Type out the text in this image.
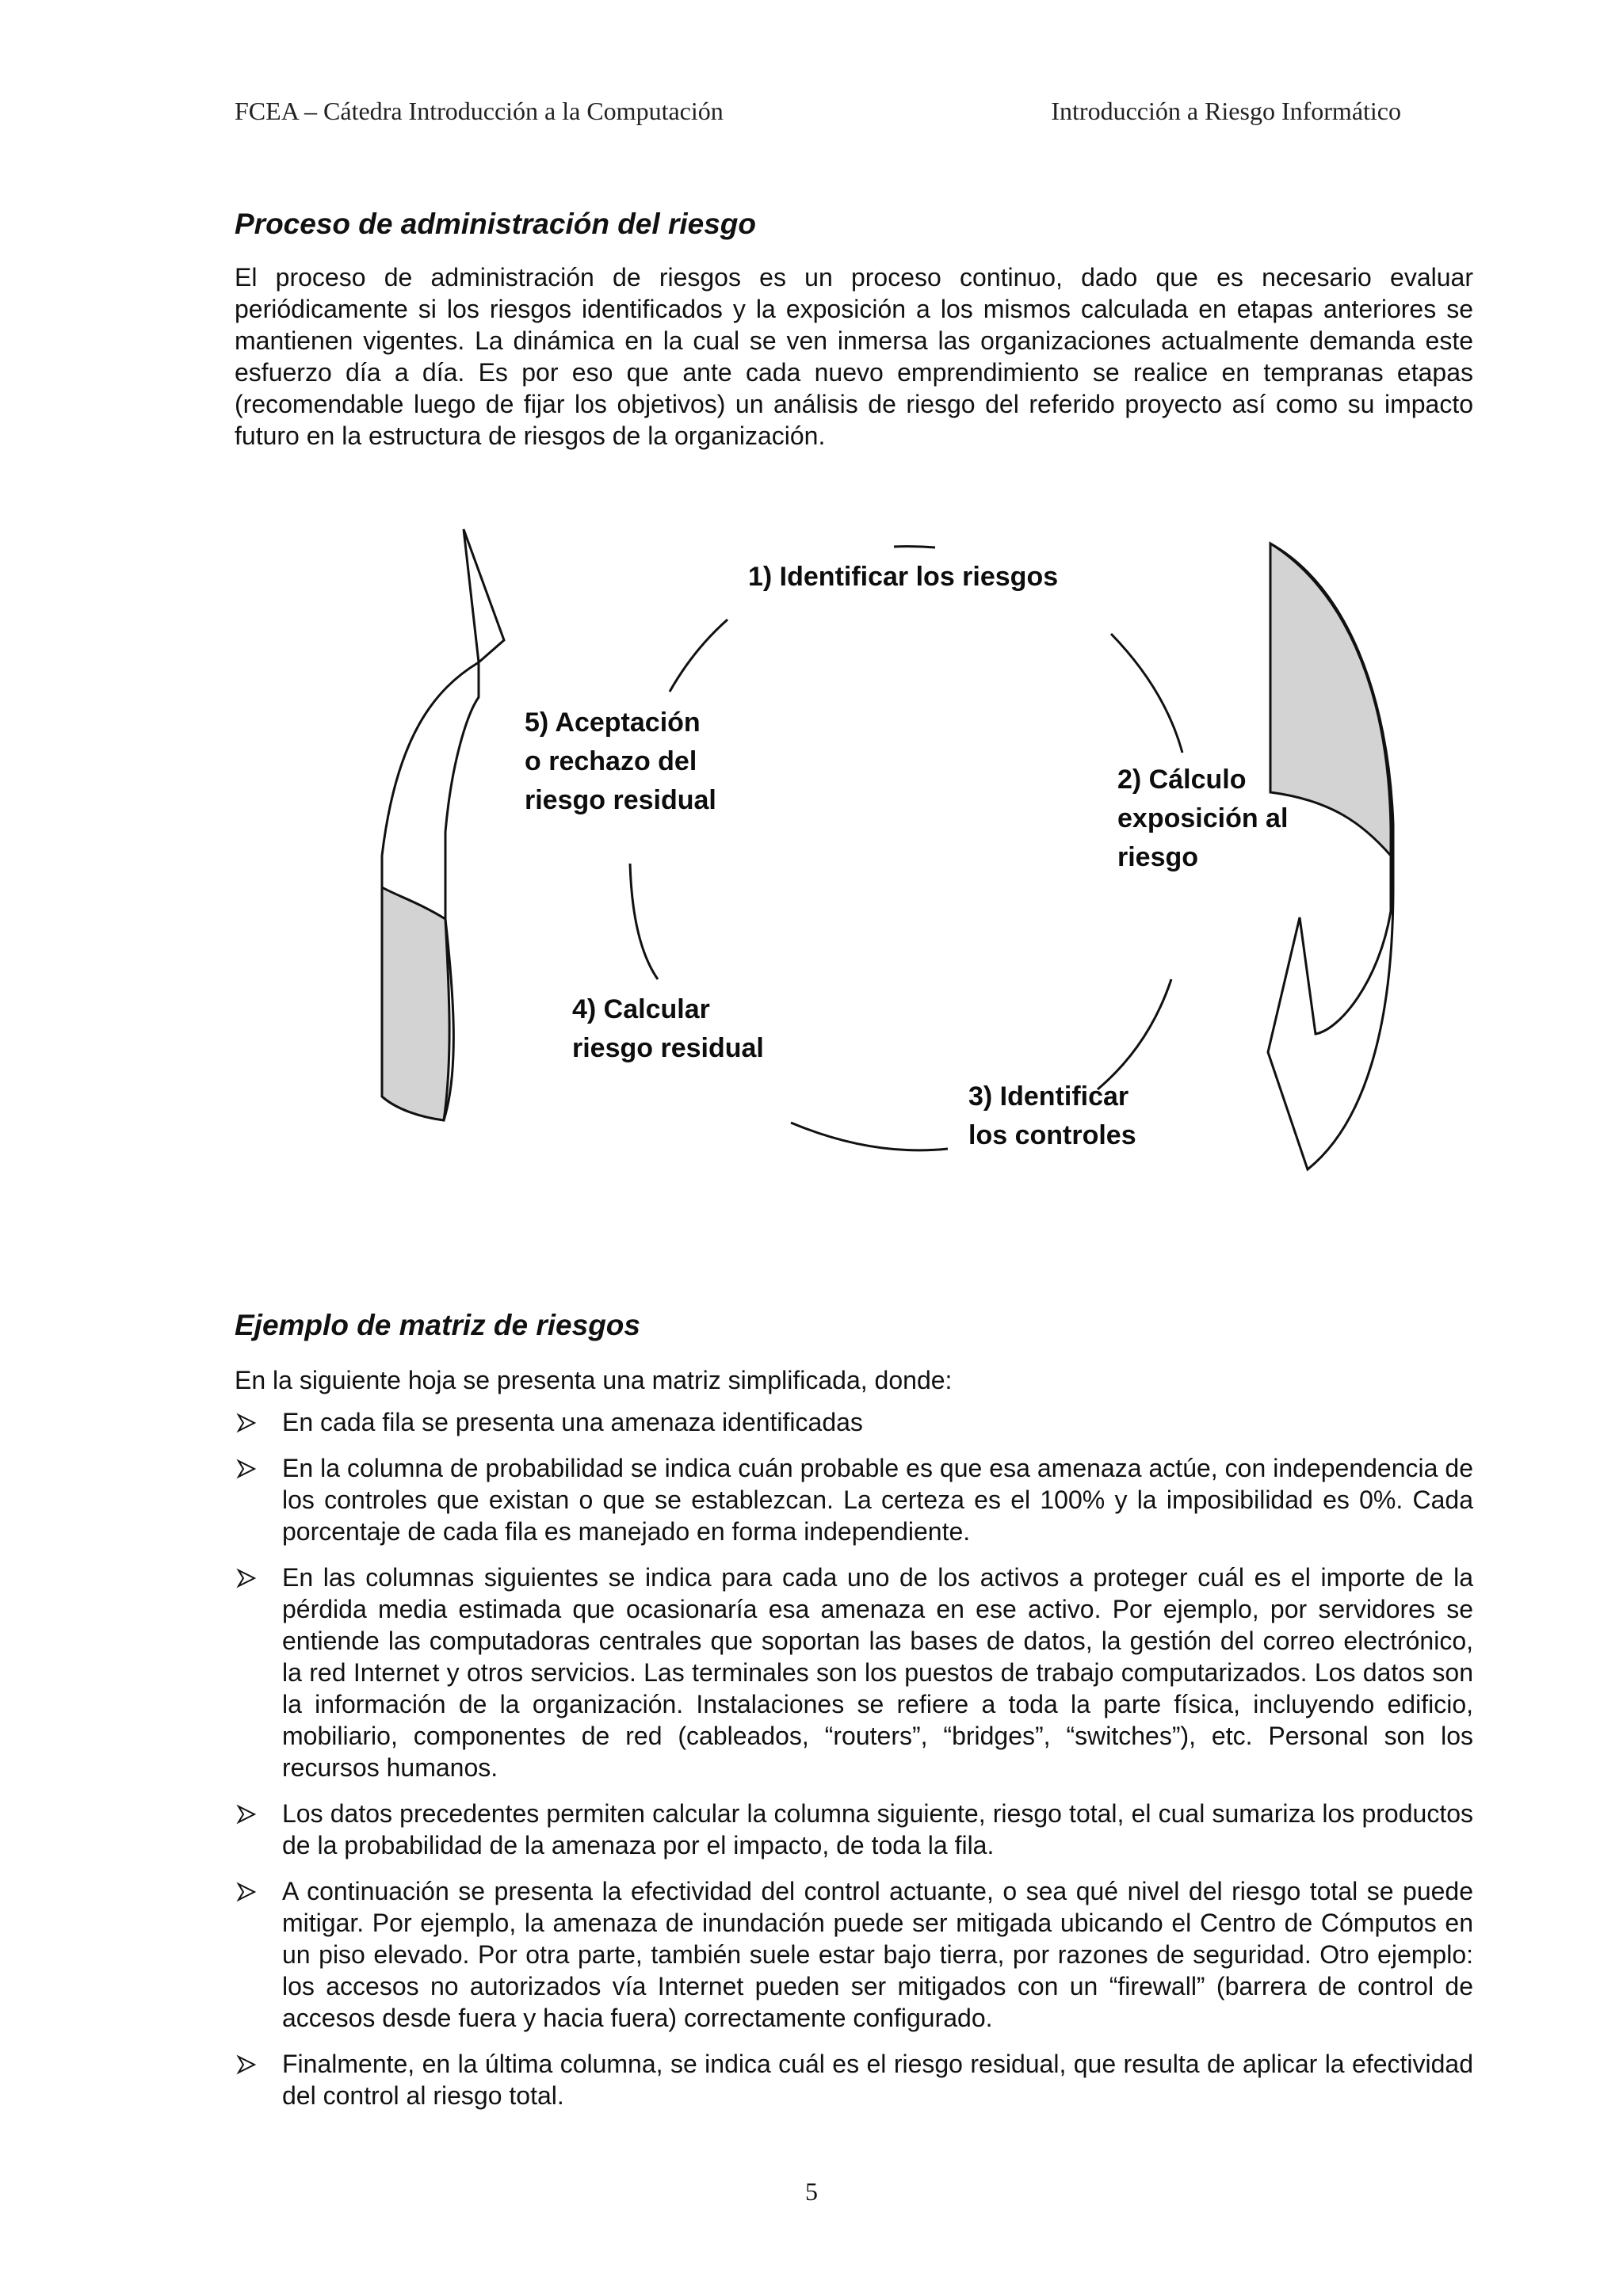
FCEA – Cátedra Introducción a la Computación	Introducción a Riesgo Informático
Proceso de administración del riesgo

El proceso de administración de riesgos es un proceso continuo, dado que es necesario evaluar periódicamente si los riesgos identificados y la exposición a los mismos calculada en etapas anteriores se mantienen vigentes. La dinámica en la cual se ven inmersa las organizaciones actualmente demanda este esfuerzo día a día. Es por eso que ante cada nuevo emprendimiento se realice en tempranas etapas (recomendable luego de fijar los objetivos) un análisis de riesgo del referido proyecto así como su impacto futuro en la estructura de riesgos de la organización.

1) Identificar los riesgos
2) Cálculo
exposición al
riesgo
3) Identificar
los controles
4) Calcular
riesgo residual
5) Aceptación
o rechazo del
riesgo residual
Ejemplo de matriz de riesgos
En la siguiente hoja se presenta una matriz simplificada, donde:

En cada fila se presenta una amenaza identificadas

En la columna de probabilidad se indica cuán probable es que esa amenaza actúe, con independencia de los controles que existan o que se establezcan. La certeza es el 100% y la imposibilidad es 0%. Cada porcentaje de cada fila es manejado en forma independiente.

En las columnas siguientes se indica para cada uno de los activos a proteger cuál es el importe de la pérdida media estimada que ocasionaría esa amenaza en ese activo. Por ejemplo, por servidores se entiende las computadoras centrales que soportan las bases de datos, la gestión del correo electrónico, la red Internet y otros servicios. Las terminales son los puestos de trabajo computarizados. Los datos son la información de la organización. Instalaciones se refiere a toda la parte física, incluyendo edificio, mobiliario, componentes de red (cableados, “routers”, “bridges”, “switches”), etc. Personal son los recursos humanos.

Los datos precedentes permiten calcular la columna siguiente, riesgo total, el cual sumariza los productos de la probabilidad de la amenaza por el impacto, de toda la fila.

A continuación se presenta la efectividad del control actuante, o sea qué nivel del riesgo total se puede mitigar. Por ejemplo, la amenaza de inundación puede ser mitigada ubicando el Centro de Cómputos en un piso elevado. Por otra parte, también suele estar bajo tierra, por razones de seguridad. Otro ejemplo: los accesos no autorizados vía Internet pueden ser mitigados con un “firewall” (barrera de control de accesos desde fuera y hacia fuera) correctamente configurado.

Finalmente, en la última columna, se indica cuál es el riesgo residual, que resulta de aplicar la efectividad del control al riesgo total.

5
